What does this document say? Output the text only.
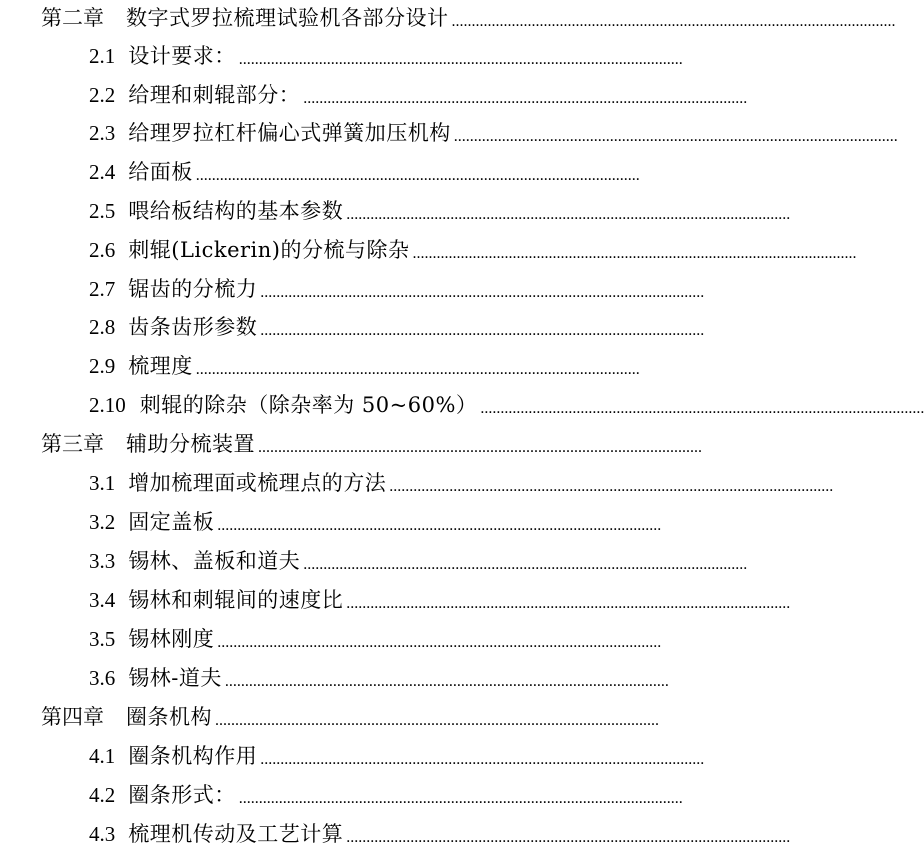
第二章 数字式罗拉梳理试验机各部分设计 ...............................................................................................................
2.1 设计要求： ...............................................................................................................
2.2 给理和刺辊部分： ...............................................................................................................
2.3 给理罗拉杠杆偏心式弹簧加压机构 ...............................................................................................................
2.4 给面板 ...............................................................................................................
2.5 喂给板结构的基本参数 ...............................................................................................................
2.6 刺辊(Lickerin)的分梳与除杂 ...............................................................................................................
2.7 锯齿的分梳力 ...............................................................................................................
2.8 齿条齿形参数 ...............................................................................................................
2.9 梳理度 ...............................................................................................................
2.10 刺辊的除杂（除杂率为 50~60%） ...............................................................................................................
第三章 辅助分梳装置 ...............................................................................................................
3.1 增加梳理面或梳理点的方法 ...............................................................................................................
3.2 固定盖板 ...............................................................................................................
3.3 锡林、盖板和道夫 ...............................................................................................................
3.4 锡林和刺辊间的速度比 ...............................................................................................................
3.5 锡林刚度 ...............................................................................................................
3.6 锡林-道夫 ...............................................................................................................
第四章 圈条机构 ...............................................................................................................
4.1 圈条机构作用 ...............................................................................................................
4.2 圈条形式： ...............................................................................................................
4.3 梳理机传动及工艺计算 ...............................................................................................................
